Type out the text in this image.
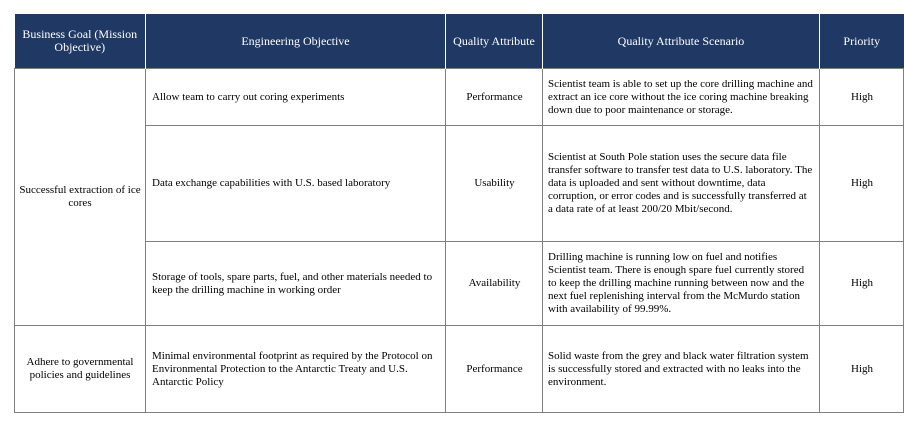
Business Goal (Mission Objective)	Engineering Objective	Quality Attribute	Quality Attribute Scenario	Priority
Successful extraction of ice cores	Allow team to carry out coring experiments	Performance	Scientist team is able to set up the core drilling machine and extract an ice core without the ice coring machine breaking down due to poor maintenance or storage.	High
	Data exchange capabilities with U.S. based laboratory	Usability	Scientist at South Pole station uses the secure data file transfer software to transfer test data to U.S. laboratory. The data is uploaded and sent without downtime, data corruption, or error codes and is successfully transferred at a data rate of at least 200/20 Mbit/second.	High
	Storage of tools, spare parts, fuel, and other materials needed to keep the drilling machine in working order	Availability	Drilling machine is running low on fuel and notifies Scientist team. There is enough spare fuel currently stored to keep the drilling machine running between now and the next fuel replenishing interval from the McMurdo station with availability of 99.99%.	High
Adhere to governmental policies and guidelines	Minimal environmental footprint as required by the Protocol on Environmental Protection to the Antarctic Treaty and U.S. Antarctic Policy	Performance	Solid waste from the grey and black water filtration system is successfully stored and extracted with no leaks into the environment.	High
